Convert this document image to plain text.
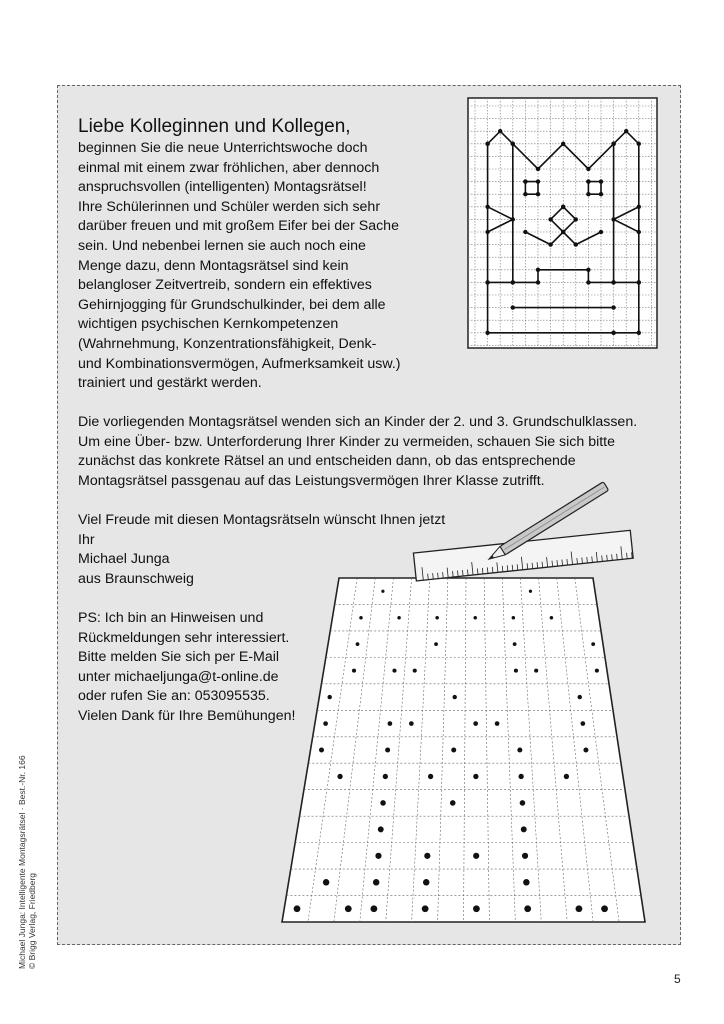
Liebe Kolleginnen und Kollegen,
beginnen Sie die neue Unterrichtswoche doch
einmal mit einem zwar fröhlichen, aber dennoch
anspruchsvollen (intelligenten) Montagsrätsel!
Ihre Schülerinnen und Schüler werden sich sehr
darüber freuen und mit großem Eifer bei der Sache
sein. Und nebenbei lernen sie auch noch eine
Menge dazu, denn Montagsrätsel sind kein
belangloser Zeitvertreib, sondern ein effektives
Gehirnjogging für Grundschulkinder, bei dem alle
wichtigen psychischen Kernkompetenzen
(Wahrnehmung, Konzentrationsfähigkeit, Denk-
und Kombinationsvermögen, Aufmerksamkeit usw.)
trainiert und gestärkt werden.
Die vorliegenden Montagsrätsel wenden sich an Kinder der 2. und 3. Grundschulklassen.
Um eine Über- bzw. Unterforderung Ihrer Kinder zu vermeiden, schauen Sie sich bitte
zunächst das konkrete Rätsel an und entscheiden dann, ob das entsprechende
Montagsrätsel passgenau auf das Leistungsvermögen Ihrer Klasse zutrifft.
Viel Freude mit diesen Montagsrätseln wünscht Ihnen jetzt
Ihr
Michael Junga
aus Braunschweig
PS: Ich bin an Hinweisen und
Rückmeldungen sehr interessiert.
Bitte melden Sie sich per E-Mail
unter michaeljunga@t-online.de
oder rufen Sie an: 053095535.
Vielen Dank für Ihre Bemühungen!
Michael Junga: Intelligente Montagsrätsel · Best.-Nr. 166 © Brigg Verlag, Friedberg
5
